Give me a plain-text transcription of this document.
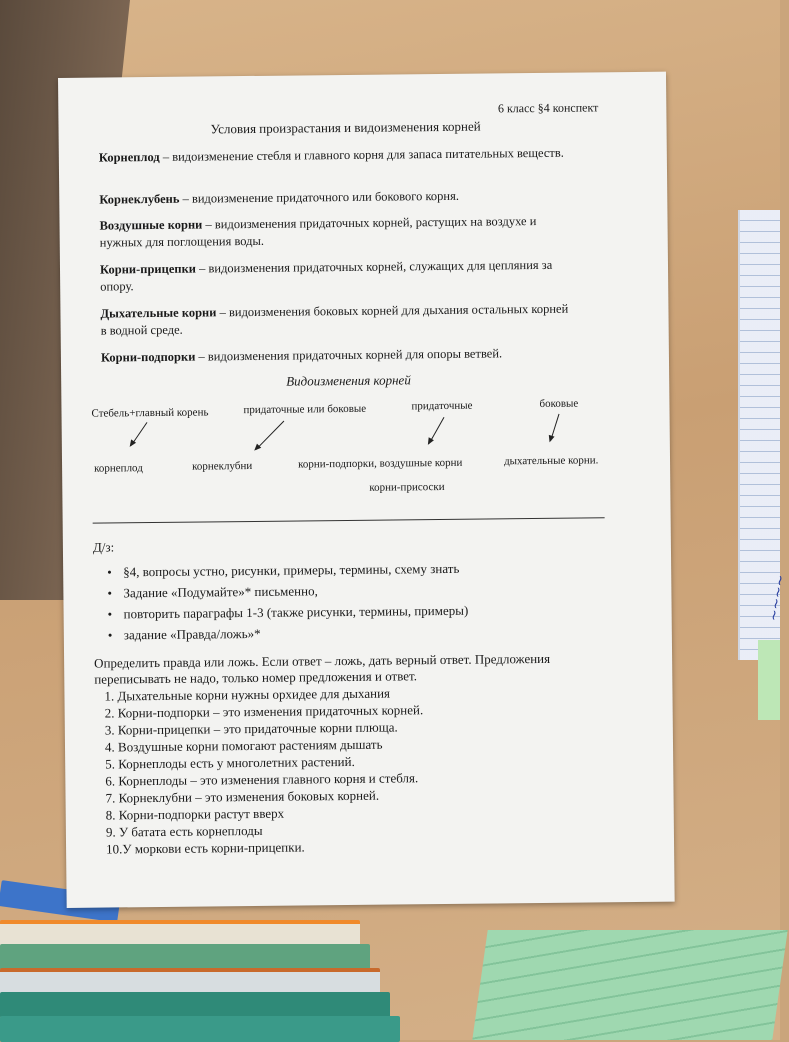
~~~~
6 класс §4 конспект
Условия произрастания и видоизменения корней
Корнеплод – видоизменение стебля и главного корня для запаса питательных веществ.
Корнеклубень – видоизменение придаточного или бокового корня.
Воздушные корни – видоизменения придаточных корней, растущих на воздухе и нужных для поглощения воды.
Корни-прицепки – видоизменения придаточных корней, служащих для цепляния за опору.
Дыхательные корни – видоизменения боковых корней для дыхания остальных корней в водной среде.
Корни-подпорки – видоизменения придаточных корней для опоры ветвей.
Видоизменения корней
Стебель+главный корень	придаточные или боковые	придаточные	боковые
корнеплод	корнеклубни	корни-подпорки, воздушные корни	дыхательные корни.
корни-присоски
Д/з:
• §4, вопросы устно, рисунки, примеры, термины, схему знать
• Задание «Подумайте»* письменно,
• повторить параграфы 1-3 (также рисунки, термины, примеры)
• задание «Правда/ложь»*
Определить правда или ложь. Если ответ – ложь, дать верный ответ. Предложения переписывать не надо, только номер предложения и ответ.
1. Дыхательные корни нужны орхидее для дыхания
2. Корни-подпорки – это изменения придаточных корней.
3. Корни-прицепки – это придаточные корни плюща.
4. Воздушные корни помогают растениям дышать
5. Корнеплоды есть у многолетних растений.
6. Корнеплоды – это изменения главного корня и стебля.
7. Корнеклубни – это изменения боковых корней.
8. Корни-подпорки растут вверх
9. У батата есть корнеплоды
10.У моркови есть корни-прицепки.
